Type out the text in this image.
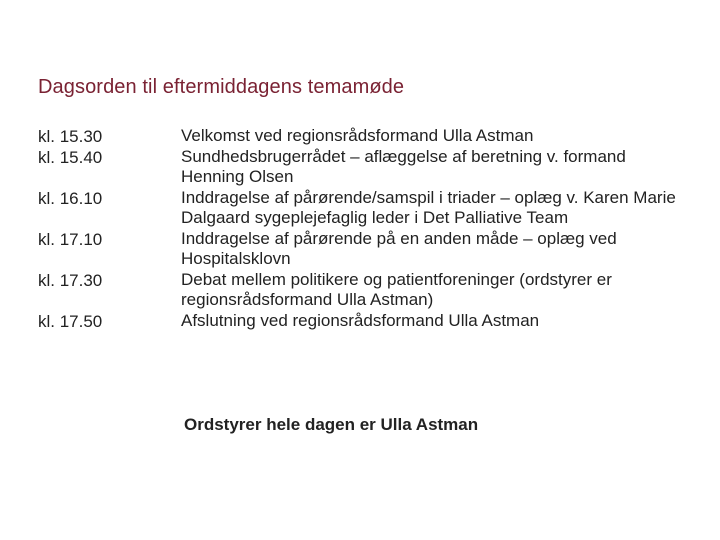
Dagsorden til eftermiddagens temamøde
kl. 15.30	Velkomst ved regionsrådsformand Ulla Astman
kl. 15.40	Sundhedsbrugerrådet – aflæggelse af beretning v. formand Henning Olsen
kl. 16.10	Inddragelse af pårørende/samspil i triader – oplæg v. Karen Marie Dalgaard sygeplejefaglig leder i Det Palliative Team
kl. 17.10	Inddragelse af pårørende på en anden måde – oplæg ved Hospitalsklovn
kl. 17.30	Debat mellem politikere og patientforeninger (ordstyrer er regionsrådsformand Ulla Astman)
kl. 17.50	Afslutning ved regionsrådsformand Ulla Astman
Ordstyrer hele dagen er Ulla Astman
